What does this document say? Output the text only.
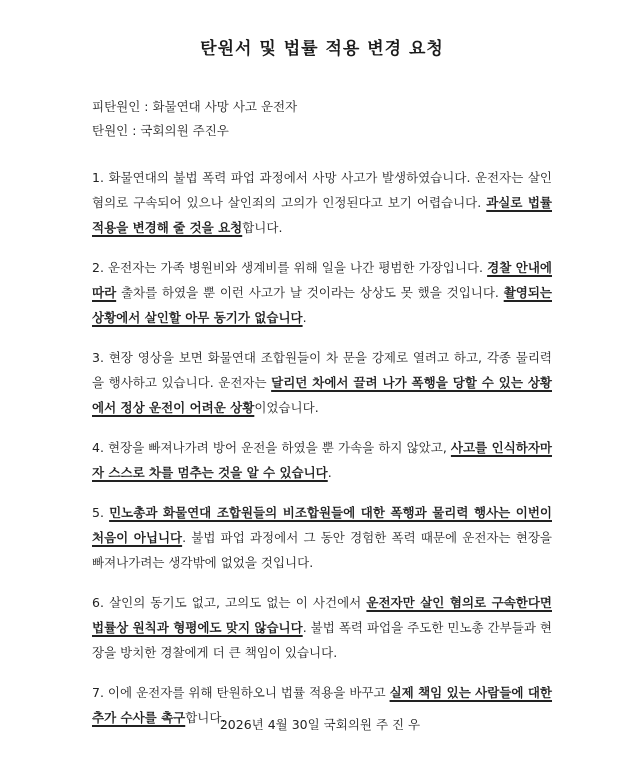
탄원서 및 법률 적용 변경 요청
피탄원인 : 화물연대 사망 사고 운전자
탄원인 : 국회의원 주진우

1. 화물연대의 불법 폭력 파업 과정에서 사망 사고가 발생하였습니다. 운전자는 살인 혐의로 구속되어 있으나 살인죄의 고의가 인정된다고 보기 어렵습니다. 과실로 법률 적용을 변경해 줄 것을 요청합니다.

2. 운전자는 가족 병원비와 생계비를 위해 일을 나간 평범한 가장입니다. 경찰 안내에 따라 출차를 하였을 뿐 이런 사고가 날 것이라는 상상도 못 했을 것입니다. 촬영되는 상황에서 살인할 아무 동기가 없습니다.

3. 현장 영상을 보면 화물연대 조합원들이 차 문을 강제로 열려고 하고, 각종 물리력을 행사하고 있습니다. 운전자는 달리던 차에서 끌려 나가 폭행을 당할 수 있는 상황에서 정상 운전이 어려운 상황이었습니다.

4. 현장을 빠져나가려 방어 운전을 하였을 뿐 가속을 하지 않았고, 사고를 인식하자마자 스스로 차를 멈추는 것을 알 수 있습니다.

5. 민노총과 화물연대 조합원들의 비조합원들에 대한 폭행과 물리력 행사는 이번이 처음이 아닙니다. 불법 파업 과정에서 그 동안 경험한 폭력 때문에 운전자는 현장을 빠져나가려는 생각밖에 없었을 것입니다.

6. 살인의 동기도 없고, 고의도 없는 이 사건에서 운전자만 살인 혐의로 구속한다면 법률상 원칙과 형평에도 맞지 않습니다. 불법 폭력 파업을 주도한 민노총 간부들과 현장을 방치한 경찰에게 더 큰 책임이 있습니다.

7. 이에 운전자를 위해 탄원하오니 법률 적용을 바꾸고 실제 책임 있는 사람들에 대한 추가 수사를 촉구합니다.

2026년 4월 30일 국회의원 주 진 우
